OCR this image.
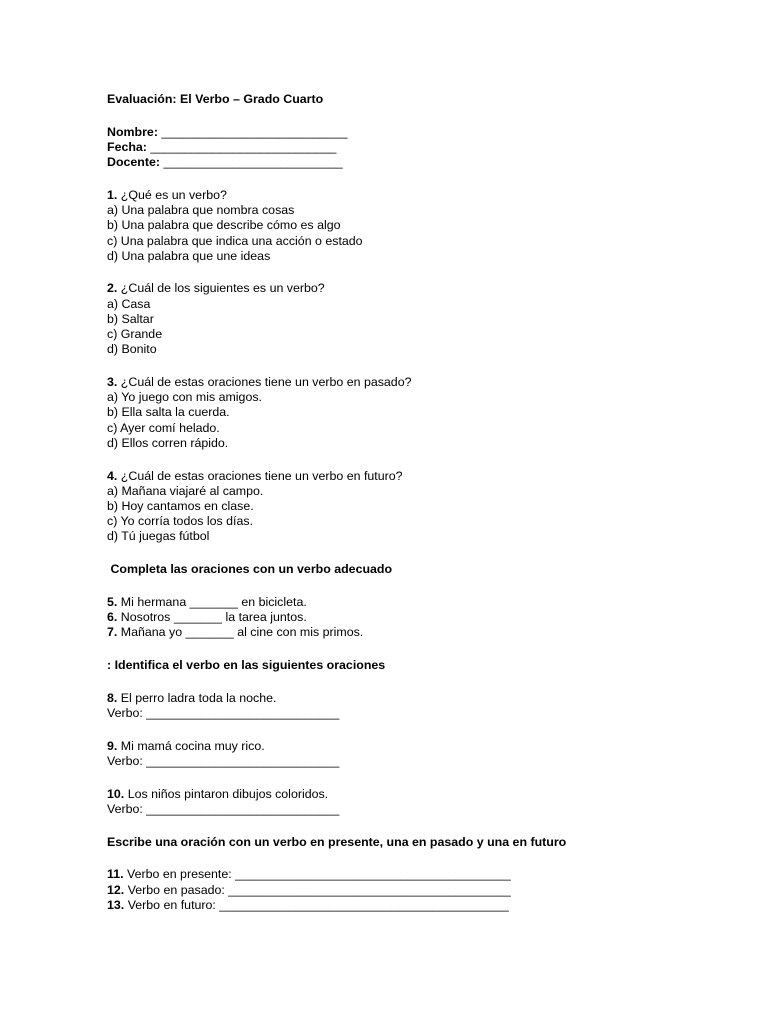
Evaluación: El Verbo – Grado Cuarto
Nombre: ___________________________
Fecha: ___________________________
Docente: __________________________
1. ¿Qué es un verbo?
a) Una palabra que nombra cosas
b) Una palabra que describe cómo es algo
c) Una palabra que indica una acción o estado
d) Una palabra que une ideas
2. ¿Cuál de los siguientes es un verbo?
a) Casa
b) Saltar
c) Grande
d) Bonito
3. ¿Cuál de estas oraciones tiene un verbo en pasado?
a) Yo juego con mis amigos.
b) Ella salta la cuerda.
c) Ayer comí helado.
d) Ellos corren rápido.
4. ¿Cuál de estas oraciones tiene un verbo en futuro?
a) Mañana viajaré al campo.
b) Hoy cantamos en clase.
c) Yo corría todos los días.
d) Tú juegas fútbol
Completa las oraciones con un verbo adecuado
5. Mi hermana _______ en bicicleta.
6. Nosotros _______ la tarea juntos.
7. Mañana yo _______ al cine con mis primos.
: Identifica el verbo en las siguientes oraciones
8. El perro ladra toda la noche.
Verbo: ____________________________
9. Mi mamá cocina muy rico.
Verbo: ____________________________
10. Los niños pintaron dibujos coloridos.
Verbo: ____________________________
Escribe una oración con un verbo en presente, una en pasado y una en futuro
11. Verbo en presente: ________________________________________
12. Verbo en pasado: _________________________________________
13. Verbo en futuro: __________________________________________
